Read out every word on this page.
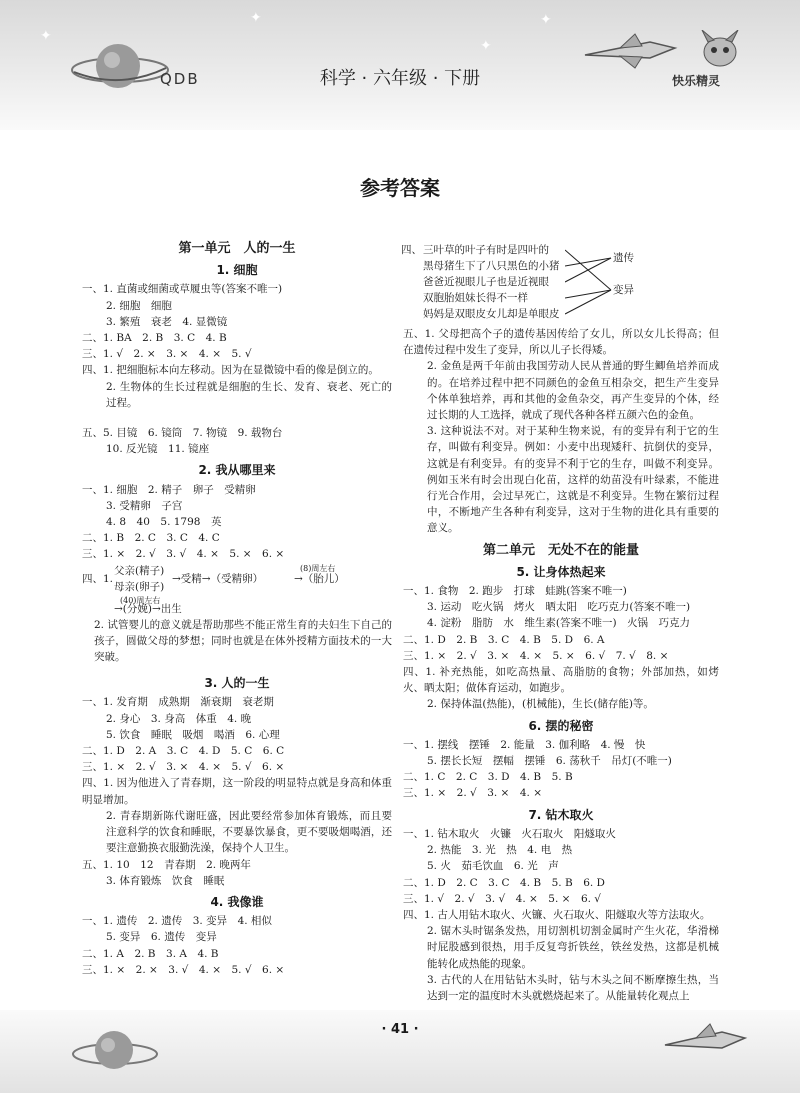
✦
✦
✦
✦
QDB	科学 · 六年级 · 下册	快乐精灵
参考答案
第一单元　人的一生
1. 细胞
一、1. 直菌或细菌或草履虫等(答案不唯一)
2. 细胞　细胞
3. 繁殖　衰老　4. 显微镜
二、1. BA　2. B　3. C　4. B
三、1. √　2. ×　3. ×　4. ×　5. √
四、1. 把细胞标本向左移动。因为在显微镜中看的像是倒立的。
2. 生物体的生长过程就是细胞的生长、发育、衰老、死亡的过程。
五、5. 目镜　6. 镜筒　7. 物镜　9. 载物台
10. 反光镜　11. 镜座
2. 我从哪里来
一、1. 细胞　2. 精子　卵子　受精卵
3. 受精卵　子宫
4. 8　40　5. 1798　英
二、1. B　2. C　3. C　4. C
三、1. ×　2. √　3. √　4. ×　5. ×　6. ×
四、1.
父亲(精子)
母亲(卵子)
→受精→（受精卵）
(8)周左右
→（胎儿）
(40)周左右
→(分娩)→出生
2. 试管婴儿的意义就是帮助那些不能正常生育的夫妇生下自己的孩子，圆做父母的梦想；同时也就是在体外授精方面技术的一大突破。
3. 人的一生
一、1. 发育期　成熟期　渐衰期　衰老期
2. 身心　3. 身高　体重　4. 晚
5. 饮食　睡眠　吸烟　喝酒　6. 心理
二、1. D　2. A　3. C　4. D　5. C　6. C
三、1. ×　2. √　3. ×　4. ×　5. √　6. ×
四、1. 因为他进入了青春期，这一阶段的明显特点就是身高和体重明显增加。
2. 青春期新陈代谢旺盛，因此要经常参加体育锻炼，而且要注意科学的饮食和睡眠，不要暴饮暴食，更不要吸烟喝酒，还要注意勤换衣服勤洗澡，保持个人卫生。
五、1. 10　12　青春期　2. 晚两年
3. 体育锻炼　饮食　睡眠
4. 我像谁
一、1. 遗传　2. 遗传　3. 变异　4. 相似
5. 变异　6. 遗传　变异
二、1. A　2. B　3. A　4. B
三、1. ×　2. ×　3. √　4. ×　5. √　6. ×
四、 三叶草的叶子有时是四叶的
黑母猪生下了八只黑色的小猪
爸爸近视眼儿子也是近视眼
双胞胎姐妹长得不一样
妈妈是双眼皮女儿却是单眼皮
遗传
变异
五、1. 父母把高个子的遗传基因传给了女儿，所以女儿长得高；但在遗传过程中发生了变异，所以儿子长得矮。
2. 金鱼是两千年前由我国劳动人民从普通的野生鲫鱼培养而成的。在培养过程中把不同颜色的金鱼互相杂交，把生产生变异个体单独培养，再和其他的金鱼杂交，再产生变异的个体，经过长期的人工选择，就成了现代各种各样五颜六色的金鱼。
3. 这种说法不对。对于某种生物来说，有的变异有利于它的生存，叫做有利变异。例如：小麦中出现矮秆、抗倒伏的变异，这就是有利变异。有的变异不利于它的生存，叫做不利变异。例如玉米有时会出现白化苗，这样的幼苗没有叶绿素，不能进行光合作用，会过早死亡，这就是不利变异。生物在繁衍过程中，不断地产生各种有利变异，这对于生物的进化具有重要的意义。
第二单元　无处不在的能量
5. 让身体热起来
一、1. 食物　2. 跑步　打球　蛙跳(答案不唯一)
3. 运动　吃火锅　烤火　晒太阳　吃巧克力(答案不唯一)
4. 淀粉　脂肪　水　维生素(答案不唯一)　火锅　巧克力
二、1. D　2. B　3. C　4. B　5. D　6. A
三、1. ×　2. √　3. ×　4. ×　5. ×　6. √　7. √　8. ×
四、1. 补充热能，如吃高热量、高脂肪的食物；外部加热，如烤火、晒太阳；做体育运动，如跑步。
2. 保持体温(热能)，(机械能)，生长(储存能)等。
6. 摆的秘密
一、1. 摆线　摆锤　2. 能量　3. 伽利略　4. 慢　快
5. 摆长长短　摆幅　摆锤　6. 荡秋千　吊灯(不唯一)
二、1. C　2. C　3. D　4. B　5. B
三、1. ×　2. √　3. ×　4. ×
7. 钻木取火
一、1. 钻木取火　火镰　火石取火　阳燧取火
2. 热能　3. 光　热　4. 电　热
5. 火　茹毛饮血　6. 光　声
二、1. D　2. C　3. C　4. B　5. B　6. D
三、1. √　2. √　3. √　4. ×　5. ×　6. √
四、1. 古人用钻木取火、火镰、火石取火、阳燧取火等方法取火。
2. 锯木头时锯条发热，用切割机切割金属时产生火花，华滑梯时屁股感到很热，用手反复弯折铁丝，铁丝发热，这都是机械能转化成热能的现象。
3. 古代的人在用钻钻木头时，钻与木头之间不断摩擦生热，当达到一定的温度时木头就燃烧起来了。从能量转化观点上
· 41 ·
